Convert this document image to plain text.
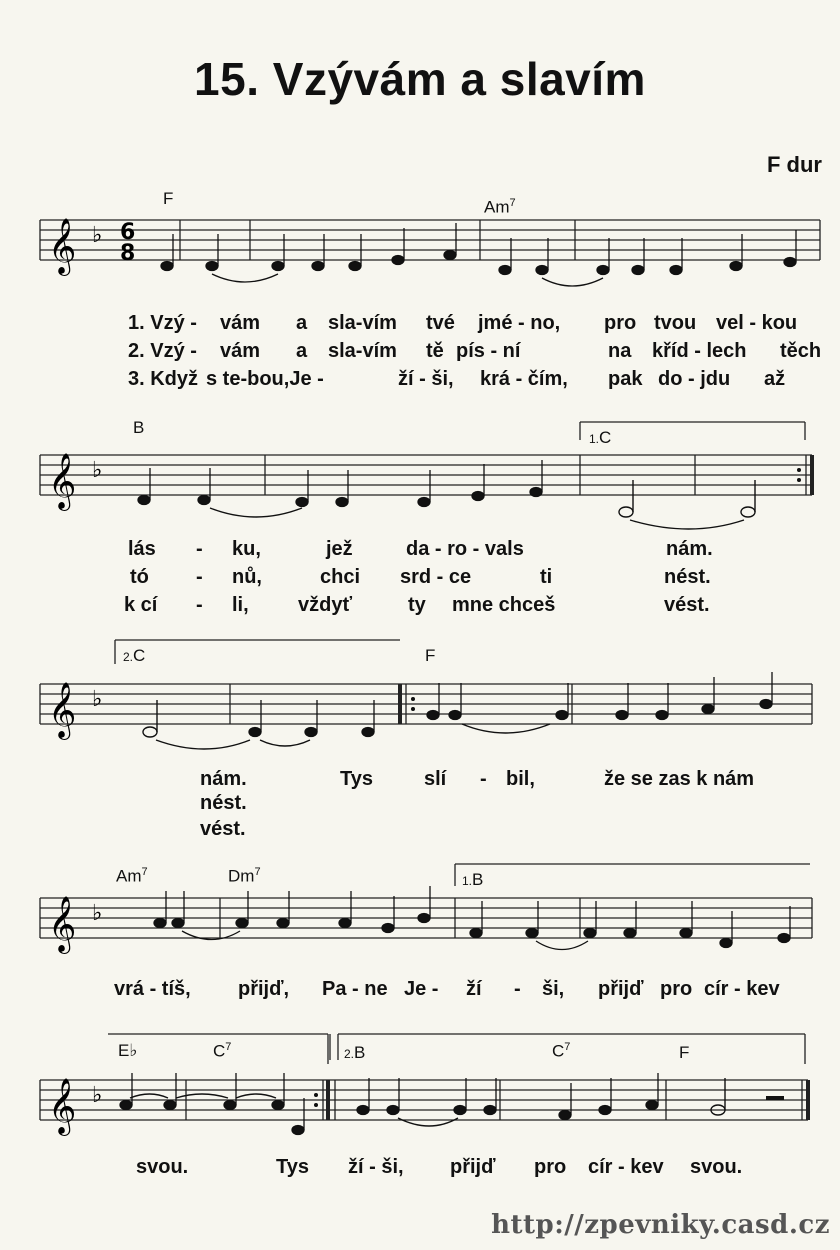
15. Vzývám a slavím
F dur
F	Am$^7$
𝄞 ♭ 6
8
1. Vzý - vám a sla-vím tvé jmé - no, pro tvou vel - kou
2. Vzý - vám a sla-vím tě pís - ní	na kříd - lech těch
3. Když s te-bou,Je -	ží - ši, krá - čím, pak do - jdu až
B
1.C
𝄞 ♭
lás - ku,	jež	da - ro - vals	nám.
tó - nů,	chci srd - ce	ti	nést.
k cí - li, vždyť	ty mne chceš	vést.
2.C	F
𝄞 ♭
nám.	Tys	slí - bil,	že se zas k nám
nést.
vést.
Am$^7$	Dm$^7$
1.B
𝄞 ♭
vrá - tíš, přijď, Pa - ne Je - ží - ši, přijď pro cír - kev
E♭	$C^7$	2.B	$C^7$	F
𝄞 ♭
svou.	Tys ží - ši, přijď pro cír - kev svou.
http://zpevniky.casd.cz
